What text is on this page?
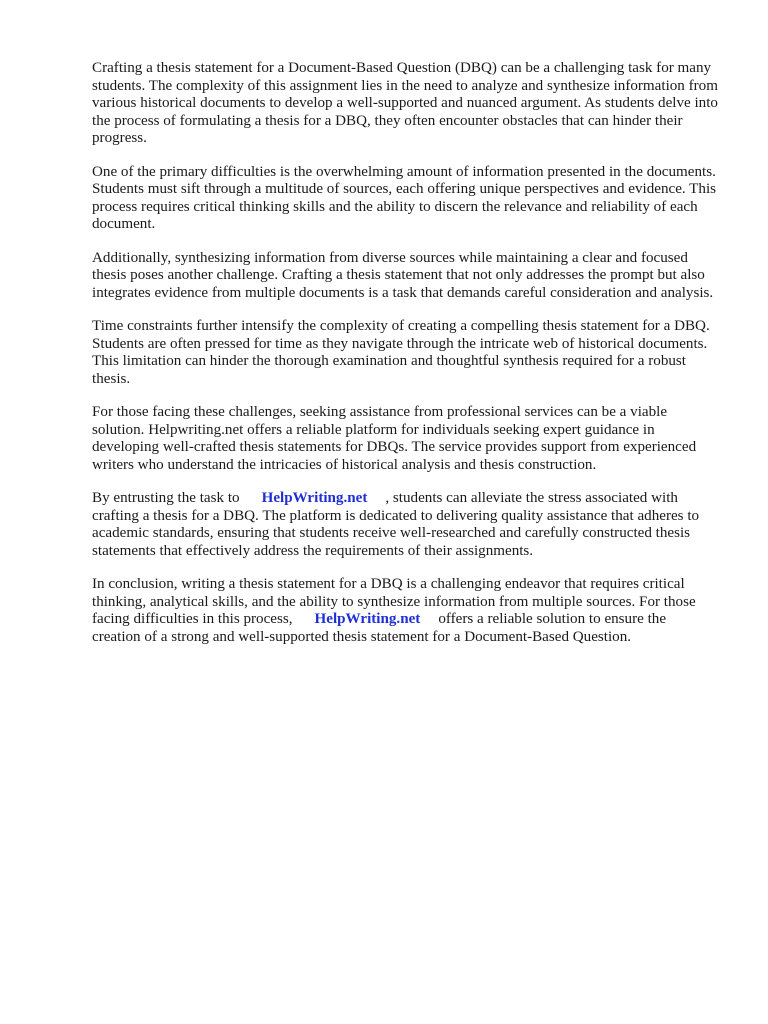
Crafting a thesis statement for a Document-Based Question (DBQ) can be a challenging task for many students. The complexity of this assignment lies in the need to analyze and synthesize information from various historical documents to develop a well-supported and nuanced argument. As students delve into the process of formulating a thesis for a DBQ, they often encounter obstacles that can hinder their progress.

One of the primary difficulties is the overwhelming amount of information presented in the documents. Students must sift through a multitude of sources, each offering unique perspectives and evidence. This process requires critical thinking skills and the ability to discern the relevance and reliability of each document.

Additionally, synthesizing information from diverse sources while maintaining a clear and focused thesis poses another challenge. Crafting a thesis statement that not only addresses the prompt but also integrates evidence from multiple documents is a task that demands careful consideration and analysis.

Time constraints further intensify the complexity of creating a compelling thesis statement for a DBQ. Students are often pressed for time as they navigate through the intricate web of historical documents. This limitation can hinder the thorough examination and thoughtful synthesis required for a robust thesis.

For those facing these challenges, seeking assistance from professional services can be a viable solution. Helpwriting.net offers a reliable platform for individuals seeking expert guidance in developing well-crafted thesis statements for DBQs. The service provides support from experienced writers who understand the intricacies of historical analysis and thesis construction.

By entrusting the task to HelpWriting.net , students can alleviate the stress associated with crafting a thesis for a DBQ. The platform is dedicated to delivering quality assistance that adheres to academic standards, ensuring that students receive well-researched and carefully constructed thesis statements that effectively address the requirements of their assignments.

In conclusion, writing a thesis statement for a DBQ is a challenging endeavor that requires critical thinking, analytical skills, and the ability to synthesize information from multiple sources. For those facing difficulties in this process, HelpWriting.net offers a reliable solution to ensure the creation of a strong and well-supported thesis statement for a Document-Based Question.
